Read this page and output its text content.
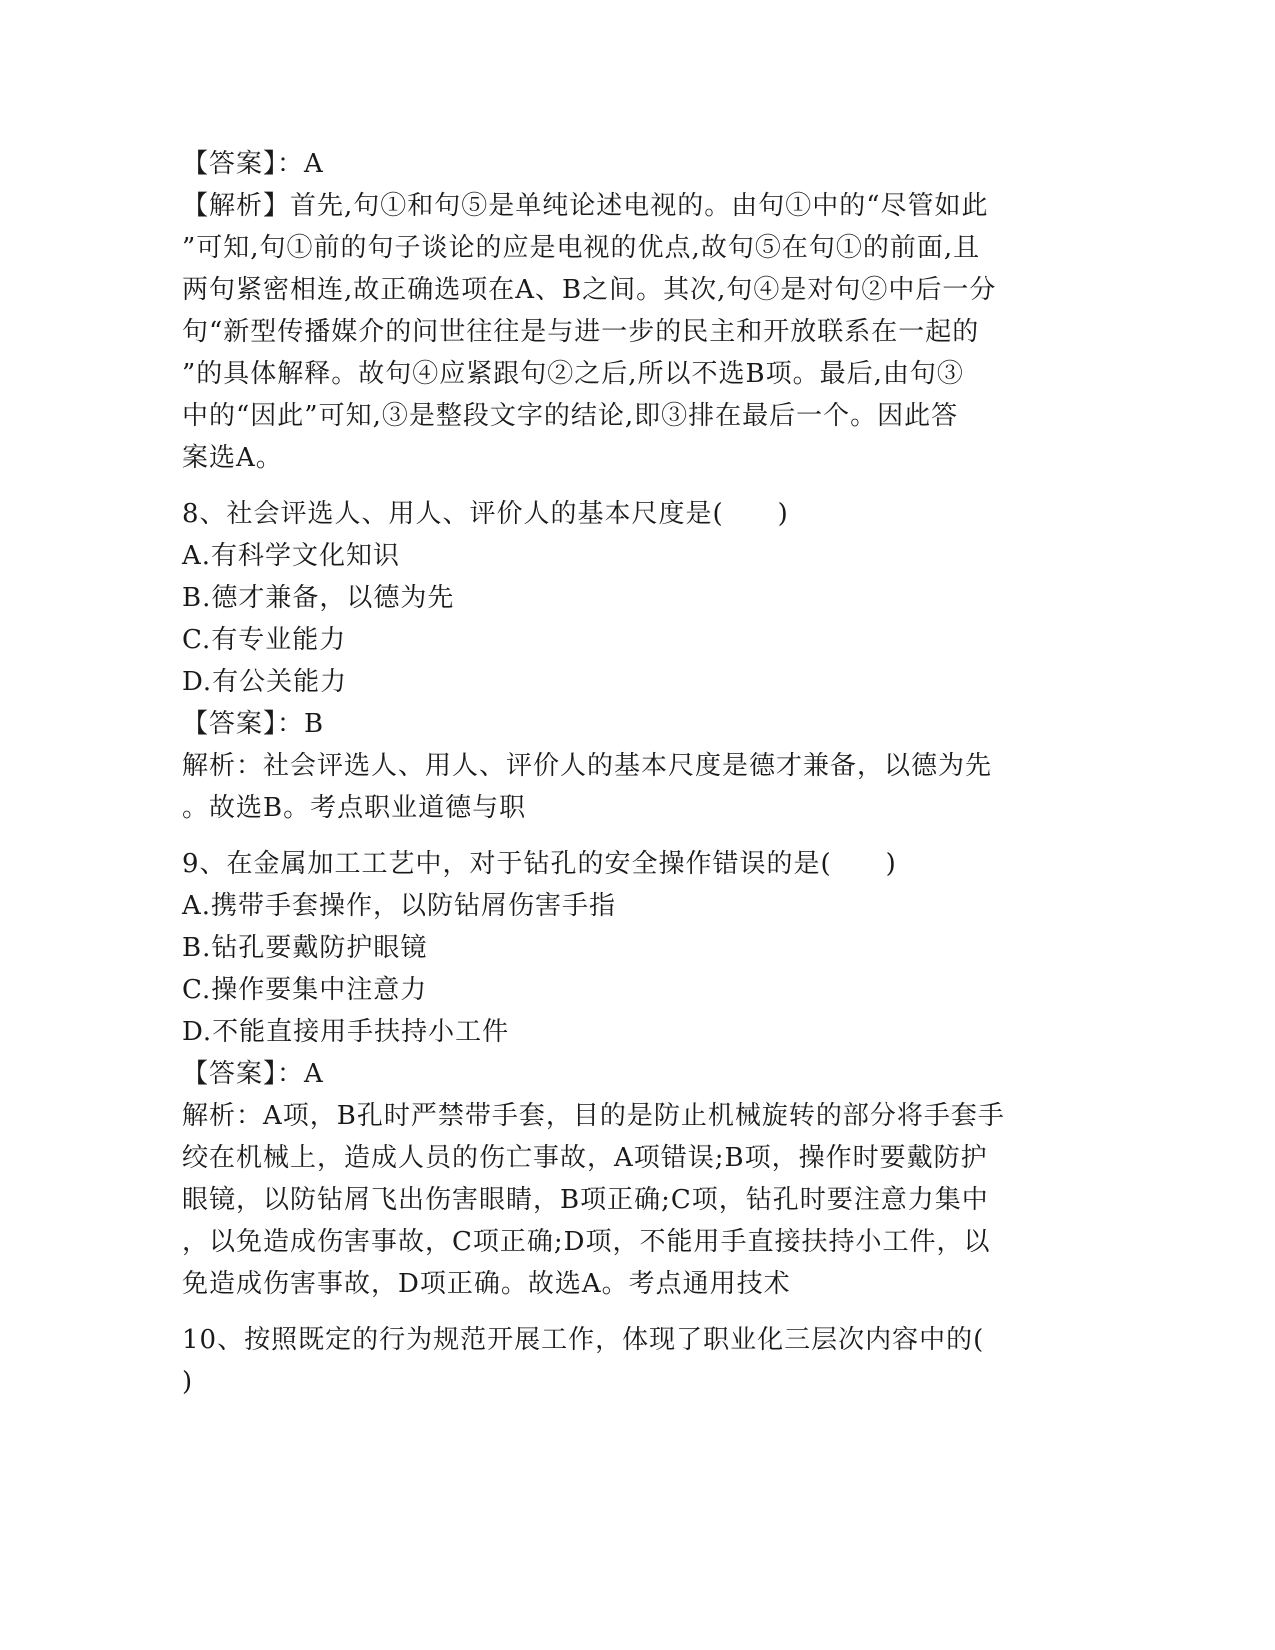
【答案】：A

【解析】首先,句①和句⑤是单纯论述电视的。由句①中的“尽管如此

”可知,句①前的句子谈论的应是电视的优点,故句⑤在句①的前面,且

两句紧密相连,故正确选项在A、B之间。其次,句④是对句②中后一分

句“新型传播媒介的问世往往是与进一步的民主和开放联系在一起的

”的具体解释。故句④应紧跟句②之后,所以不选B项。最后,由句③

中的“因此”可知,③是整段文字的结论,即③排在最后一个。因此答

案选A。

8、社会评选人、用人、评价人的基本尺度是(　　)

A.有科学文化知识

B.德才兼备，以德为先

C.有专业能力

D.有公关能力

【答案】：B

解析：社会评选人、用人、评价人的基本尺度是德才兼备，以德为先

。故选B。考点职业道德与职

9、在金属加工工艺中，对于钻孔的安全操作错误的是(　　)

A.携带手套操作，以防钻屑伤害手指

B.钻孔要戴防护眼镜

C.操作要集中注意力

D.不能直接用手扶持小工件

【答案】：A

解析：A项，B孔时严禁带手套，目的是防止机械旋转的部分将手套手

绞在机械上，造成人员的伤亡事故，A项错误;B项，操作时要戴防护

眼镜，以防钻屑飞出伤害眼睛，B项正确;C项，钻孔时要注意力集中

，以免造成伤害事故，C项正确;D项，不能用手直接扶持小工件，以

免造成伤害事故，D项正确。故选A。考点通用技术

10、按照既定的行为规范开展工作，体现了职业化三层次内容中的(

)
